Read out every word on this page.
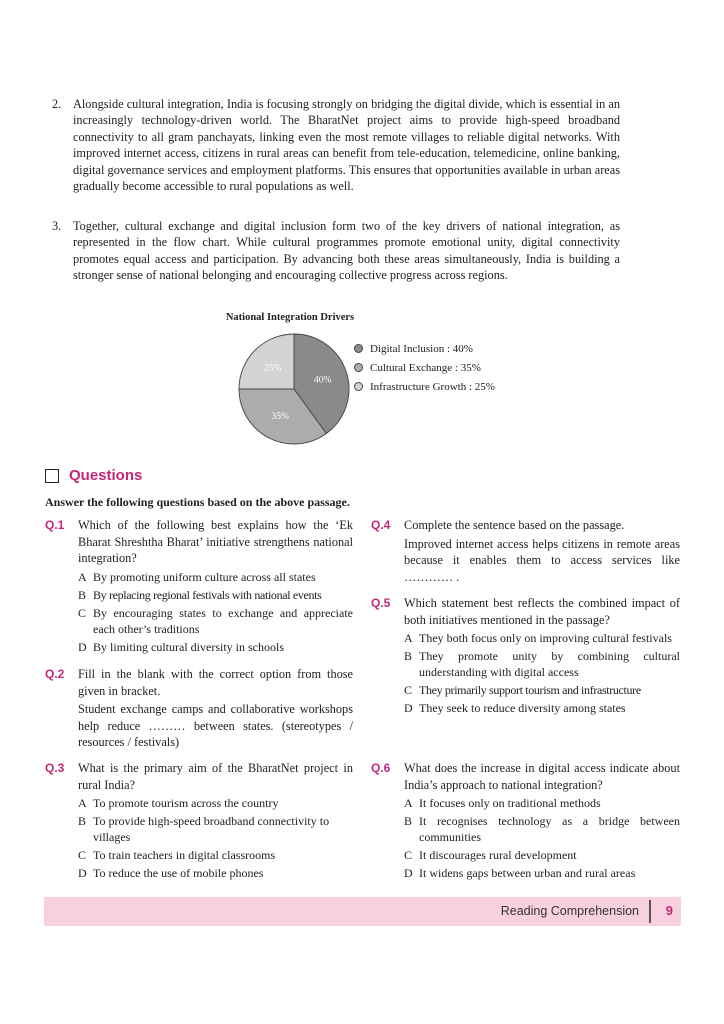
2. Alongside cultural integration, India is focusing strongly on bridging the digital divide, which is essential in an increasingly technology-driven world. The BharatNet project aims to provide high-speed broadband connectivity to all gram panchayats, linking even the most remote villages to reliable digital networks. With improved internet access, citizens in rural areas can benefit from tele-education, telemedicine, online banking, digital governance services and employment platforms. This ensures that opportunities available in urban areas gradually become accessible to rural populations as well.
3. Together, cultural exchange and digital inclusion form two of the key drivers of national integration, as represented in the flow chart. While cultural programmes promote emotional unity, digital connectivity promotes equal access and participation. By advancing both these areas simultaneously, India is building a stronger sense of national belonging and encouraging collective progress across regions.
National Integration Drivers
40%
35%
25%
Digital Inclusion : 40%
Cultural Exchange : 35%
Infrastructure Growth : 25%
Questions
Answer the following questions based on the above passage.
Q.1 Which of the following best explains how the ‘Ek Bharat Shreshtha Bharat’ initiative strengthens national integration?
A By promoting uniform culture across all states
B By replacing regional festivals with national events
C By encouraging states to exchange and appreciate each other’s traditions
D By limiting cultural diversity in schools
Q.2 Fill in the blank with the correct option from those given in bracket.
Student exchange camps and collaborative workshops help reduce ……… between states. (stereotypes / resources / festivals)
Q.3 What is the primary aim of the BharatNet project in rural India?
A To promote tourism across the country
B To provide high-speed broadband connectivity to villages
C To train teachers in digital classrooms
D To reduce the use of mobile phones
Q.4 Complete the sentence based on the passage.
Improved internet access helps citizens in remote areas because it enables them to access services like ………… .
Q.5 Which statement best reflects the combined impact of both initiatives mentioned in the passage?
A They both focus only on improving cultural festivals
B They promote unity by combining cultural understanding with digital access
C They primarily support tourism and infrastructure
D They seek to reduce diversity among states
Q.6 What does the increase in digital access indicate about India’s approach to national integration?
A It focuses only on traditional methods
B It recognises technology as a bridge between communities
C It discourages rural development
D It widens gaps between urban and rural areas
Reading Comprehension 9
